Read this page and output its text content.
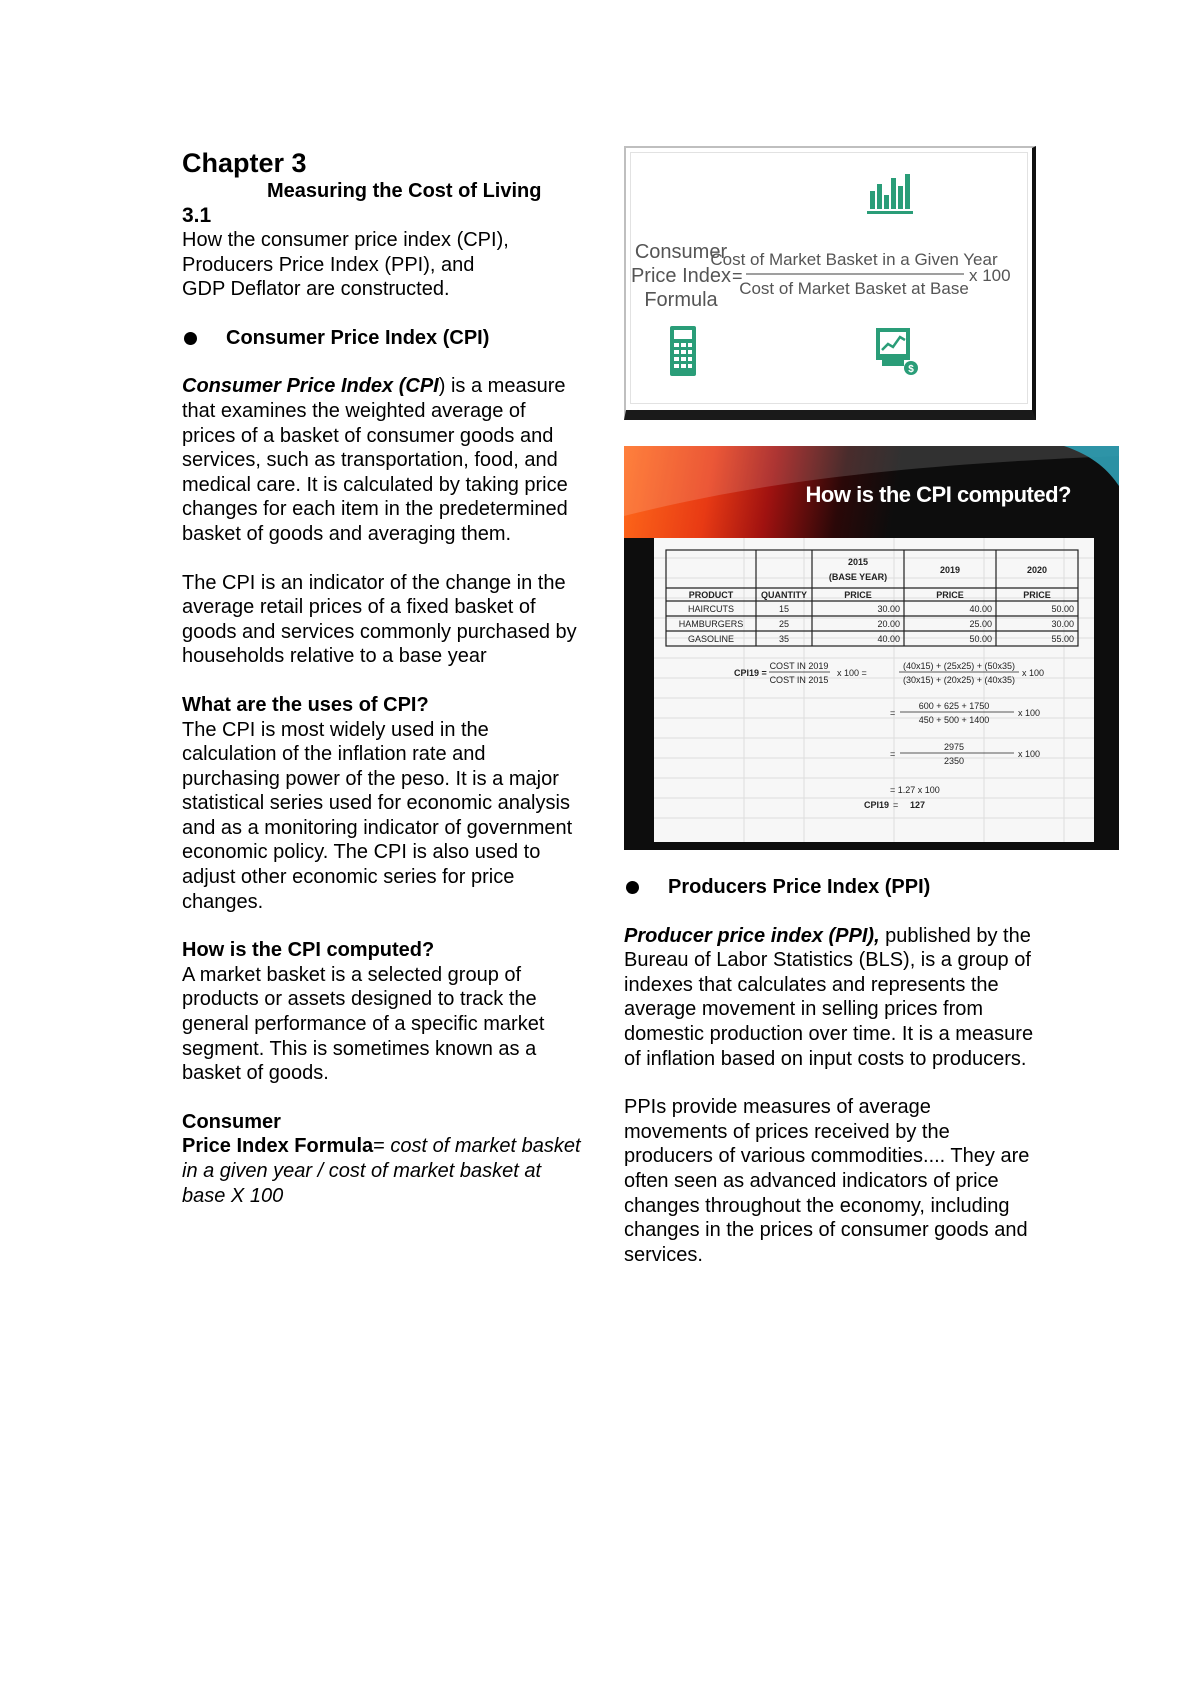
Chapter 3
Measuring the Cost of Living
3.1

How the consumer price index (CPI),

Producers Price Index (PPI), and

GDP Deflator are constructed.

Consumer Price Index (CPI)

Consumer Price Index (CPI) is a measure that examines the weighted average of prices of a basket of consumer goods and services, such as transportation, food, and medical care. It is calculated by taking price changes for each item in the predetermined basket of goods and averaging them.

The CPI is an indicator of the change in the average retail prices of a fixed basket of goods and services commonly purchased by households relative to a base year

What are the uses of CPI?

The CPI is most widely used in the calculation of the inflation rate and purchasing power of the peso. It is a major statistical series used for economic analysis and as a monitoring indicator of government economic policy. The CPI is also used to adjust other economic series for price changes.

How is the CPI computed?

A market basket is a selected group of products or assets designed to track the general performance of a specific market segment. This is sometimes known as a basket of goods.

Consumer

Price Index Formula= cost of market basket in a given year / cost of market basket at base X 100

$
Consumer
Price Index
Formula
=
Cost of Market Basket in a Given Year
Cost of Market Basket at Base
x 100
How is the CPI computed?
2015
(BASE YEAR)
2019	2020
PRODUCT	QUANTITY	PRICE	PRICE	PRICE
HAIRCUTS	15	30.00	40.00	50.00
HAMBURGERS	25	20.00	25.00	30.00
GASOLINE	35	40.00	50.00	55.00
CPI19 =
COST IN 2019
COST IN 2015
x 100 =
(40x15) + (25x25) + (50x35)
(30x15) + (20x25) + (40x35)
x 100
=
600 + 625 + 1750
450 + 500 + 1400
x 100
=
2975
2350
x 100
= 1.27 x 100
CPI19 = 127
Producers Price Index (PPI)

Producer price index (PPI), published by the Bureau of Labor Statistics (BLS), is a group of indexes that calculates and represents the average movement in selling prices from domestic production over time. It is a measure of inflation based on input costs to producers.

PPIs provide measures of average movements of prices received by the producers of various commodities.... They are often seen as advanced indicators of price changes throughout the economy, including changes in the prices of consumer goods and services.
